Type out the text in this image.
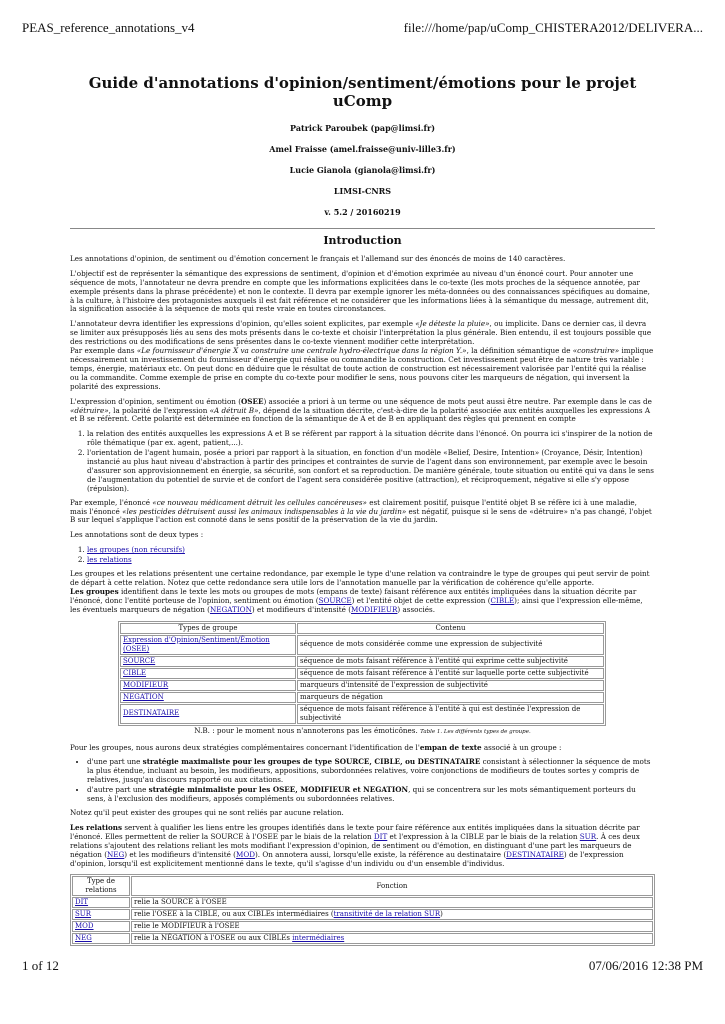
PEAS_reference_annotations_v4	file:///home/pap/uComp_CHISTERA2012/DELIVERA...
Guide d'annotations d'opinion/sentiment/émotions pour le projet uComp
Patrick Paroubek (pap@limsi.fr)
Amel Fraisse (amel.fraisse@univ-lille3.fr)
Lucie Gianola (gianola@limsi.fr)
LIMSI-CNRS
v. 5.2 / 20160219
Introduction

Les annotations d'opinion, de sentiment ou d'émotion concernent le français et l'allemand sur des énoncés de moins de 140 caractères.

L'objectif est de représenter la sémantique des expressions de sentiment, d'opinion et d'émotion exprimée au niveau d'un énoncé court. Pour annoter une séquence de mots, l'annotateur ne devra prendre en compte que les informations explicitées dans le co-texte (les mots proches de la séquence annotée, par exemple présents dans la phrase précédente) et non le contexte. Il devra par exemple ignorer les méta-données ou des connaissances spécifiques au domaine, à la culture, à l'histoire des protagonistes auxquels il est fait référence et ne considérer que les informations liées à la sémantique du message, autrement dit, la signification associée à la séquence de mots qui reste vraie en toutes circonstances.

L'annotateur devra identifier les expressions d'opinion, qu'elles soient explicites, par exemple «Je déteste la pluie», ou implicite. Dans ce dernier cas, il devra se limiter aux présupposés liés au sens des mots présents dans le co-texte et choisir l'interprétation la plus générale. Bien entendu, il est toujours possible que des restrictions ou des modifications de sens présentes dans le co-texte viennent modifier cette interprétation.

Par exemple dans «Le fournisseur d'énergie X va construire une centrale hydro-électrique dans la région Y.», la définition sémantique de «construire» implique nécessairement un investissement du fournisseur d'énergie qui réalise ou commandite la construction. Cet investissement peut être de nature très variable : temps, énergie, matériaux etc. On peut donc en déduire que le résultat de toute action de construction est nécessairement valorisée par l'entité qui la réalise ou la commandite. Comme exemple de prise en compte du co-texte pour modifier le sens, nous pouvons citer les marqueurs de négation, qui inversent la polarité des expressions.

L'expression d'opinion, sentiment ou émotion (OSEE) associée a priori à un terme ou une séquence de mots peut aussi être neutre. Par exemple dans le cas de «détruire», la polarité de l'expression «A détruit B», dépend de la situation décrite, c'est-à-dire de la polarité associée aux entités auxquelles les expressions A et B se réfèrent. Cette polarité est déterminée en fonction de la sémantique de A et de B en appliquant des règles qui prennent en compte

1. la relation des entités auxquelles les expressions A et B se réfèrent par rapport à la situation décrite dans l'énoncé. On pourra ici s'inspirer de la notion de rôle thématique (par ex. agent, patient,...).
2. l'orientation de l'agent humain, posée a priori par rapport à la situation, en fonction d'un modèle «Belief, Desire, Intention» (Croyance, Désir, Intention) instancié au plus haut niveau d'abstraction à partir des principes et contraintes de survie de l'agent dans son environnement, par exemple avec le besoin d'assurer son approvisionnement en énergie, sa sécurité, son confort et sa reproduction. De manière générale, toute situation ou entité qui va dans le sens de l'augmentation du potentiel de survie et de confort de l'agent sera considérée positive (attraction), et réciproquement, négative si elle s'y oppose (répulsion).

Par exemple, l'énoncé «ce nouveau médicament détruit les cellules cancéreuses» est clairement positif, puisque l'entité objet B se réfère ici à une maladie, mais l'énoncé «les pesticides détruisent aussi les animaux indispensables à la vie du jardin» est négatif, puisque si le sens de «détruire» n'a pas changé, l'objet B sur lequel s'applique l'action est connoté dans le sens positif de la préservation de la vie du jardin.

Les annotations sont de deux types :

1. les groupes (non récursifs)
2. les relations

Les groupes et les relations présentent une certaine redondance, par exemple le type d'une relation va contraindre le type de groupes qui peut servir de point de départ à cette relation. Notez que cette redondance sera utile lors de l'annotation manuelle par la vérification de cohérence qu'elle apporte.

Les groupes identifient dans le texte les mots ou groupes de mots (empans de texte) faisant référence aux entités impliquées dans la situation décrite par l'énoncé, donc l'entité porteuse de l'opinion, sentiment ou émotion (SOURCE) et l'entité objet de cette expression (CIBLE); ainsi que l'expression elle-même, les éventuels marqueurs de négation (NEGATION) et modifieurs d'intensité (MODIFIEUR) associés.

Types de groupe	Contenu
Expression d'Opinion/Sentiment/Émotion (OSEE)	séquence de mots considérée comme une expression de subjectivité
SOURCE	séquence de mots faisant référence à l'entité qui exprime cette subjectivité
CIBLE	séquence de mots faisant référence à l'entité sur laquelle porte cette subjectivité
MODIFIEUR	marqueurs d'intensité de l'expression de subjectivité
NEGATION	marqueurs de négation
DESTINATAIRE	séquence de mots faisant référence à l'entité à qui est destinée l'expression de subjectivité
N.B. : pour le moment nous n'annoterons pas les émoticônes. Table 1. Les différents types de groupe.

Pour les groupes, nous aurons deux stratégies complémentaires concernant l'identification de l'empan de texte associé à un groupe :

• d'une part une stratégie maximaliste pour les groupes de type SOURCE, CIBLE, ou DESTINATAIRE consistant à sélectionner la séquence de mots la plus étendue, incluant au besoin, les modifieurs, appositions, subordonnées relatives, voire conjonctions de modifieurs de toutes sortes y compris de relatives, jusqu'au discours rapporté ou aux citations.
• d'autre part une stratégie minimaliste pour les OSEE, MODIFIEUR et NEGATION, qui se concentrera sur les mots sémantiquement porteurs du sens, à l'exclusion des modifieurs, apposés compléments ou subordonnées relatives.

Notez qu'il peut exister des groupes qui ne sont reliés par aucune relation.

Les relations servent à qualifier les liens entre les groupes identifiés dans le texte pour faire référence aux entités impliquées dans la situation décrite par l'énoncé. Elles permettent de relier la SOURCE à l'OSEE par le biais de la relation DIT et l'expression à la CIBLE par le biais de la relation SUR. À ces deux relations s'ajoutent des relations reliant les mots modifiant l'expression d'opinion, de sentiment ou d'émotion, en distinguant d'une part les marqueurs de négation (NEG) et les modifieurs d'intensité (MOD). On annotera aussi, lorsqu'elle existe, la référence au destinataire (DESTINATAIRE) de l'expression d'opinion, lorsqu'il est explicitement mentionné dans le texte, qu'il s'agisse d'un individu ou d'un ensemble d'individus.

Type de relations	Fonction
DIT	relie la SOURCE à l'OSEE
SUR	relie l'OSEE à la CIBLE, ou aux CIBLEs intermédiaires (transitivité de la relation SUR)
MOD	relie le MODIFIEUR à l'OSEE
NEG	relie la NÉGATION à l'OSEE ou aux CIBLEs intermédiaires
1 of 12	07/06/2016 12:38 PM
